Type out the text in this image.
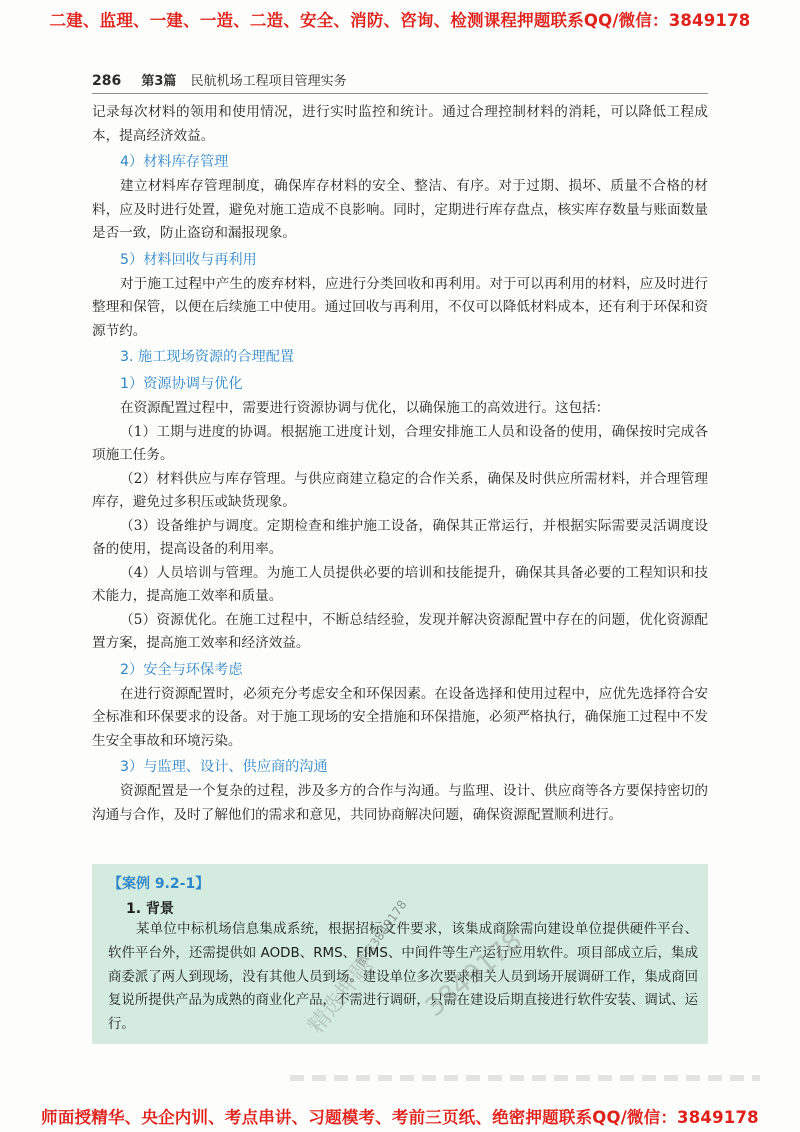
二建、监理、一建、一造、二造、安全、消防、咨询、检测课程押题联系QQ/微信：3849178
286 第3篇 民航机场工程项目管理实务

记录每次材料的领用和使用情况，进行实时监控和统计。通过合理控制材料的消耗，可以降低工程成本，提高经济效益。

4）材料库存管理

建立材料库存管理制度，确保库存材料的安全、整洁、有序。对于过期、损坏、质量不合格的材料，应及时进行处置，避免对施工造成不良影响。同时，定期进行库存盘点，核实库存数量与账面数量是否一致，防止盗窃和漏报现象。

5）材料回收与再利用

对于施工过程中产生的废弃材料，应进行分类回收和再利用。对于可以再利用的材料，应及时进行整理和保管，以便在后续施工中使用。通过回收与再利用，不仅可以降低材料成本，还有利于环保和资源节约。

3. 施工现场资源的合理配置
1）资源协调与优化

在资源配置过程中，需要进行资源协调与优化，以确保施工的高效进行。这包括：

（1）工期与进度的协调。根据施工进度计划，合理安排施工人员和设备的使用，确保按时完成各项施工任务。

（2）材料供应与库存管理。与供应商建立稳定的合作关系，确保及时供应所需材料，并合理管理库存，避免过多积压或缺货现象。

（3）设备维护与调度。定期检查和维护施工设备，确保其正常运行，并根据实际需要灵活调度设备的使用，提高设备的利用率。

（4）人员培训与管理。为施工人员提供必要的培训和技能提升，确保其具备必要的工程知识和技术能力，提高施工效率和质量。

（5）资源优化。在施工过程中，不断总结经验，发现并解决资源配置中存在的问题，优化资源配置方案，提高施工效率和经济效益。

2）安全与环保考虑

在进行资源配置时，必须充分考虑安全和环保因素。在设备选择和使用过程中，应优先选择符合安全标准和环保要求的设备。对于施工现场的安全措施和环保措施，必须严格执行，确保施工过程中不发生安全事故和环境污染。

3）与监理、设计、供应商的沟通

资源配置是一个复杂的过程，涉及多方的合作与沟通。与监理、设计、供应商等各方要保持密切的沟通与合作，及时了解他们的需求和意见，共同协商解决问题，确保资源配置顺利进行。

【案例 9.2-1】
1. 背景
某单位中标机场信息集成系统，根据招标文件要求，该集成商除需向建设单位提供硬件平台、软件平台外，还需提供如 AODB、RMS、FIMS、中间件等生产运行应用软件。项目部成立后，集成商委派了两人到现场，没有其他人员到场。建设单位多次要求相关人员到场开展调研工作，集成商回复说所提供产品为成熟的商业化产品，不需进行调研，只需在建设后期直接进行软件安装、调试、运行。	精选押题 3849178
微信3849178
师面授精华、央企内训、考点串讲、习题模考、考前三页纸、绝密押题联系QQ/微信：3849178
